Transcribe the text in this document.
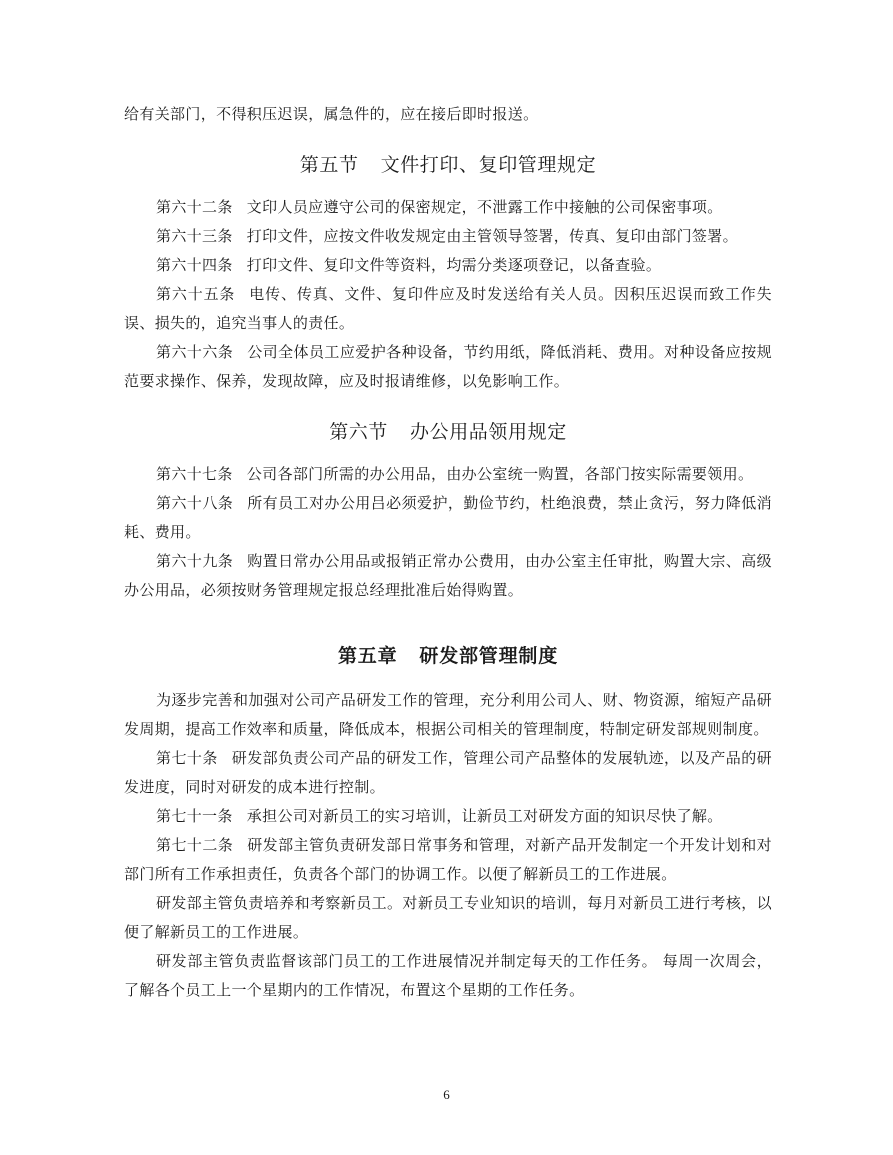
给有关部门，不得积压迟误，属急件的，应在接后即时报送。

第五节 文件打印、复印管理规定

第六十二条 文印人员应遵守公司的保密规定，不泄露工作中接触的公司保密事项。

第六十三条 打印文件，应按文件收发规定由主管领导签署，传真、复印由部门签署。

第六十四条 打印文件、复印文件等资料，均需分类逐项登记，以备查验。

第六十五条 电传、传真、文件、复印件应及时发送给有关人员。因积压迟误而致工作失误、损失的，追究当事人的责任。

第六十六条 公司全体员工应爱护各种设备，节约用纸，降低消耗、费用。对种设备应按规范要求操作、保养，发现故障，应及时报请维修，以免影响工作。

第六节 办公用品领用规定

第六十七条 公司各部门所需的办公用品，由办公室统一购置，各部门按实际需要领用。

第六十八条 所有员工对办公用吕必须爱护，勤俭节约，杜绝浪费，禁止贪污，努力降低消耗、费用。

第六十九条 购置日常办公用品或报销正常办公费用，由办公室主任审批，购置大宗、高级办公用品，必须按财务管理规定报总经理批准后始得购置。

第五章 研发部管理制度

为逐步完善和加强对公司产品研发工作的管理，充分利用公司人、财、物资源，缩短产品研发周期，提高工作效率和质量，降低成本，根据公司相关的管理制度，特制定研发部规则制度。

第七十条 研发部负责公司产品的研发工作，管理公司产品整体的发展轨迹，以及产品的研发进度，同时对研发的成本进行控制。

第七十一条 承担公司对新员工的实习培训，让新员工对研发方面的知识尽快了解。

第七十二条 研发部主管负责研发部日常事务和管理，对新产品开发制定一个开发计划和对部门所有工作承担责任，负责各个部门的协调工作。以便了解新员工的工作进展。

研发部主管负责培养和考察新员工。对新员工专业知识的培训，每月对新员工进行考核，以便了解新员工的工作进展。

研发部主管负责监督该部门员工的工作进展情况并制定每天的工作任务。 每周一次周会，了解各个员工上一个星期内的工作情况，布置这个星期的工作任务。

6
